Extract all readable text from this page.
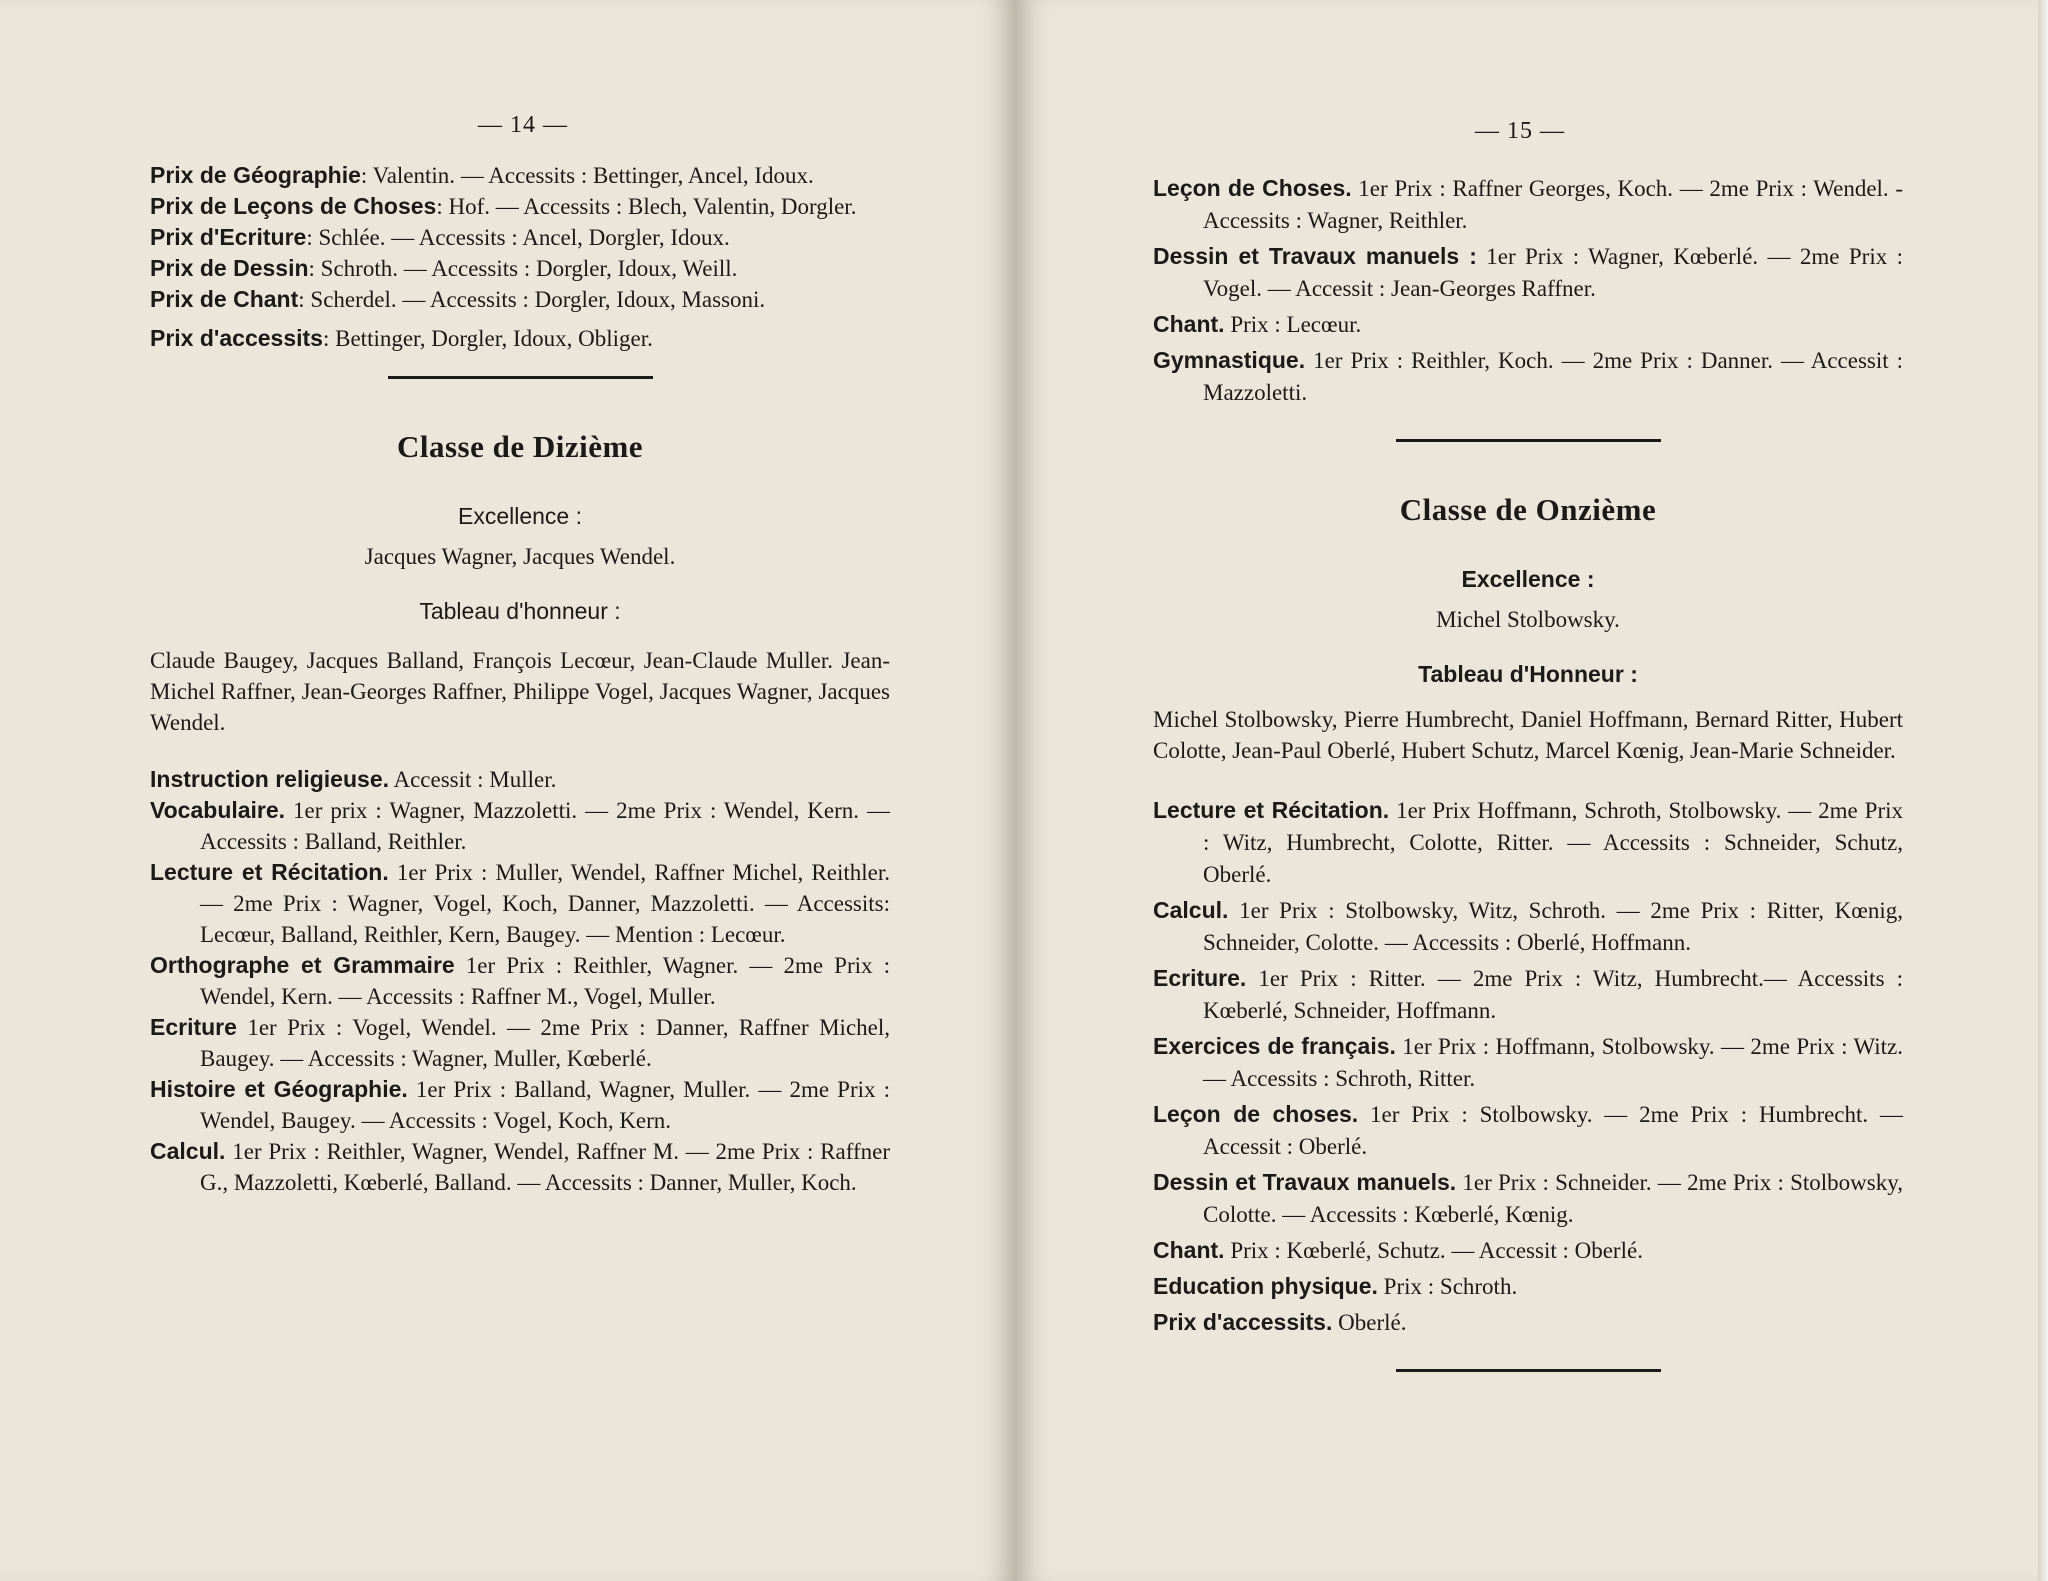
— 14 —

Prix de Géographie: Valentin. — Accessits : Bettinger, Ancel, Idoux.

Prix de Leçons de Choses: Hof. — Accessits : Blech, Valentin, Dorgler.

Prix d'Ecriture: Schlée. — Accessits : Ancel, Dorgler, Idoux.

Prix de Dessin: Schroth. — Accessits : Dorgler, Idoux, Weill.

Prix de Chant: Scherdel. — Accessits : Dorgler, Idoux, Massoni.

Prix d'accessits: Bettinger, Dorgler, Idoux, Obliger.

Classe de Dizième

Excellence :

Jacques Wagner, Jacques Wendel.

Tableau d'honneur :

Claude Baugey, Jacques Balland, François Lecœur, Jean-Claude Muller. Jean-Michel Raffner, Jean-Georges Raffner, Philippe Vogel, Jacques Wagner, Jacques Wendel.

Instruction religieuse. Accessit : Muller.

Vocabulaire. 1er prix : Wagner, Mazzoletti. — 2me Prix : Wendel, Kern. — Accessits : Balland, Reithler.

Lecture et Récitation. 1er Prix : Muller, Wendel, Raffner Michel, Reithler. — 2me Prix : Wagner, Vogel, Koch, Danner, Mazzoletti. — Accessits: Lecœur, Balland, Reithler, Kern, Baugey. — Mention : Lecœur.

Orthographe et Grammaire 1er Prix : Reithler, Wagner. — 2me Prix : Wendel, Kern. — Accessits : Raffner M., Vogel, Muller.

Ecriture 1er Prix : Vogel, Wendel. — 2me Prix : Danner, Raffner Michel, Baugey. — Accessits : Wagner, Muller, Kœberlé.

Histoire et Géographie. 1er Prix : Balland, Wagner, Muller. — 2me Prix : Wendel, Baugey. — Accessits : Vogel, Koch, Kern.

Calcul. 1er Prix : Reithler, Wagner, Wendel, Raffner M. — 2me Prix : Raffner G., Mazzoletti, Kœberlé, Balland. — Accessits : Danner, Muller, Koch.

— 15 —

Leçon de Choses. 1er Prix : Raffner Georges, Koch. — 2me Prix : Wendel. - Accessits : Wagner, Reithler.

Dessin et Travaux manuels : 1er Prix : Wagner, Kœberlé. — 2me Prix : Vogel. — Accessit : Jean-Georges Raffner.

Chant. Prix : Lecœur.

Gymnastique. 1er Prix : Reithler, Koch. — 2me Prix : Danner. — Accessit : Mazzoletti.

Classe de Onzième

Excellence :

Michel Stolbowsky.

Tableau d'Honneur :

Michel Stolbowsky, Pierre Humbrecht, Daniel Hoffmann, Bernard Ritter, Hubert Colotte, Jean-Paul Oberlé, Hubert Schutz, Marcel Kœnig, Jean-Marie Schneider.

Lecture et Récitation. 1er Prix Hoffmann, Schroth, Stolbowsky. — 2me Prix : Witz, Humbrecht, Colotte, Ritter. — Accessits : Schneider, Schutz, Oberlé.

Calcul. 1er Prix : Stolbowsky, Witz, Schroth. — 2me Prix : Ritter, Kœnig, Schneider, Colotte. — Accessits : Oberlé, Hoffmann.

Ecriture. 1er Prix : Ritter. — 2me Prix : Witz, Humbrecht.— Accessits : Kœberlé, Schneider, Hoffmann.

Exercices de français. 1er Prix : Hoffmann, Stolbowsky. — 2me Prix : Witz. — Accessits : Schroth, Ritter.

Leçon de choses. 1er Prix : Stolbowsky. — 2me Prix : Humbrecht. — Accessit : Oberlé.

Dessin et Travaux manuels. 1er Prix : Schneider. — 2me Prix : Stolbowsky, Colotte. — Accessits : Kœberlé, Kœnig.

Chant. Prix : Kœberlé, Schutz. — Accessit : Oberlé.

Education physique. Prix : Schroth.

Prix d'accessits. Oberlé.
